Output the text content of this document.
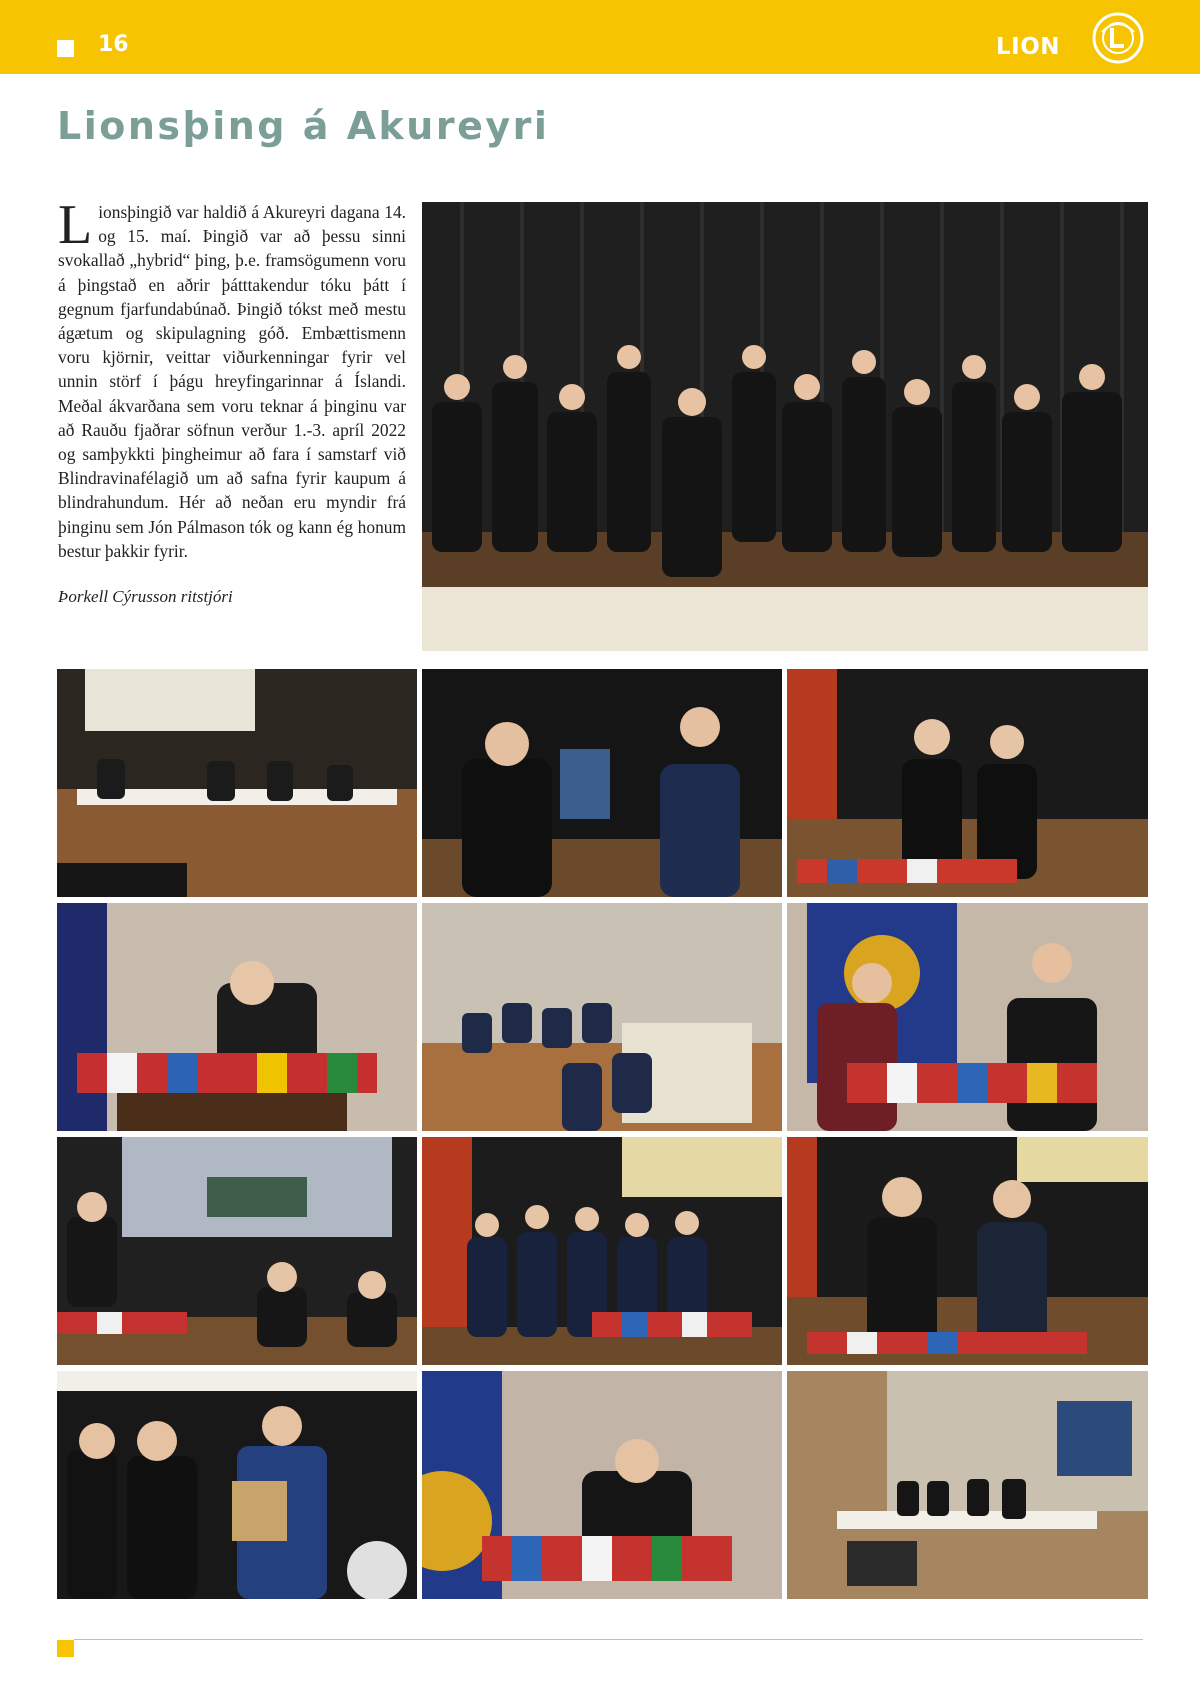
16	LION
Lionsþing á Akureyri
L ionsþingið var haldið á Akureyri dagana 14. og 15. maí. Þingið var að þessu sinni svokallað „hybrid“ þing, þ.e. framsögumenn voru á þingstað en aðrir þátttakendur tóku þátt í gegnum fjarfundabúnað. Þingið tókst með mestu ágætum og skipulagning góð. Embættismenn voru kjörnir, veittar viðurkenningar fyrir vel unnin störf í þágu hreyfingarinnar á Íslandi. Meðal ákvarðana sem voru teknar á þinginu var að Rauðu fjaðrar söfnun verður 1.-3. apríl 2022 og samþykkti þingheimur að fara í samstarf við Blindravinafélagið um að safna fyrir kaupum á blindrahundum. Hér að neðan eru myndir frá þinginu sem Jón Pálmason tók og kann ég honum bestur þakkir fyrir.
Þorkell Cýrusson ritstjóri
